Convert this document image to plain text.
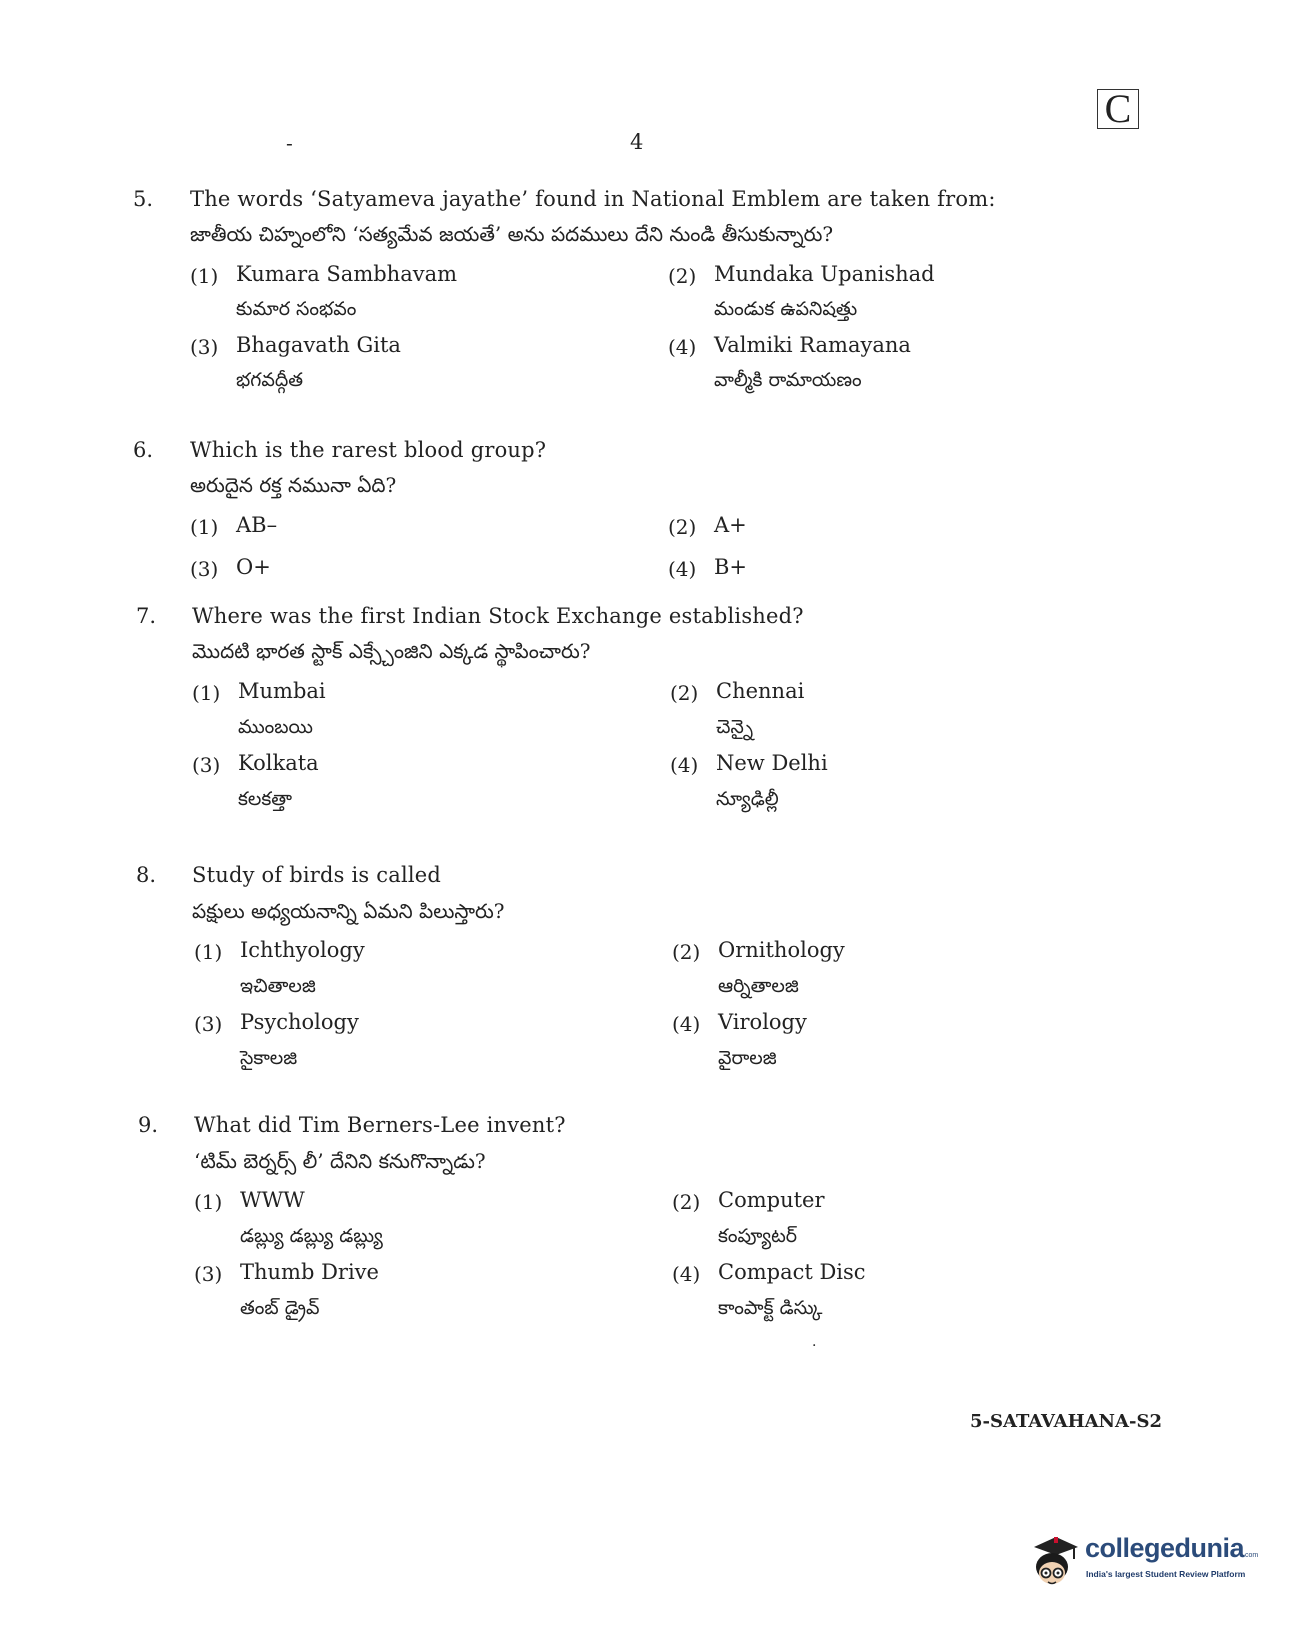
C
-	4
5. The words ‘Satyameva jayathe’ found in National Emblem are taken from:
జాతీయ చిహ్నంలోని ‘సత్యమేవ జయతే’ అను పదములు దేని నుండి తీసుకున్నారు?
(1) Kumara Sambhavam
కుమార సంభవం
(2) Mundaka Upanishad
మండుక ఉపనిషత్తు
(3) Bhagavath Gita
భగవద్గీత
(4) Valmiki Ramayana
వాల్మీకి రామాయణం
6. Which is the rarest blood group?
అరుదైన రక్త నమునా ఏది?
(1) AB–	(2) A+
(3) O+	(4) B+
7. Where was the first Indian Stock Exchange established?
మొదటి భారత స్టాక్ ఎక్స్చేంజిని ఎక్కడ స్థాపించారు?
(1) Mumbai
ముంబయి
(2) Chennai
చెన్నై
(3) Kolkata
కలకత్తా
(4) New Delhi
న్యూఢిల్లీ
8. Study of birds is called
పక్షులు అధ్యయనాన్ని ఏమని పిలుస్తారు?
(1) Ichthyology
ఇచితాలజి
(2) Ornithology
ఆర్నితాలజి
(3) Psychology
సైకాలజి
(4) Virology
వైరాలజి
9. What did Tim Berners-Lee invent?
‘టిమ్ బెర్నర్స్ లీ’ దేనిని కనుగొన్నాడు?
(1) WWW
డబ్ల్యు డబ్ల్యు డబ్ల్యు
(2) Computer
కంప్యూటర్
(3) Thumb Drive
తంబ్ డ్రైవ్
(4) Compact Disc
కాంపాక్ట్ డిస్కు
·
5-SATAVAHANA-S2
collegedunia
.com
India's largest Student Review Platform
